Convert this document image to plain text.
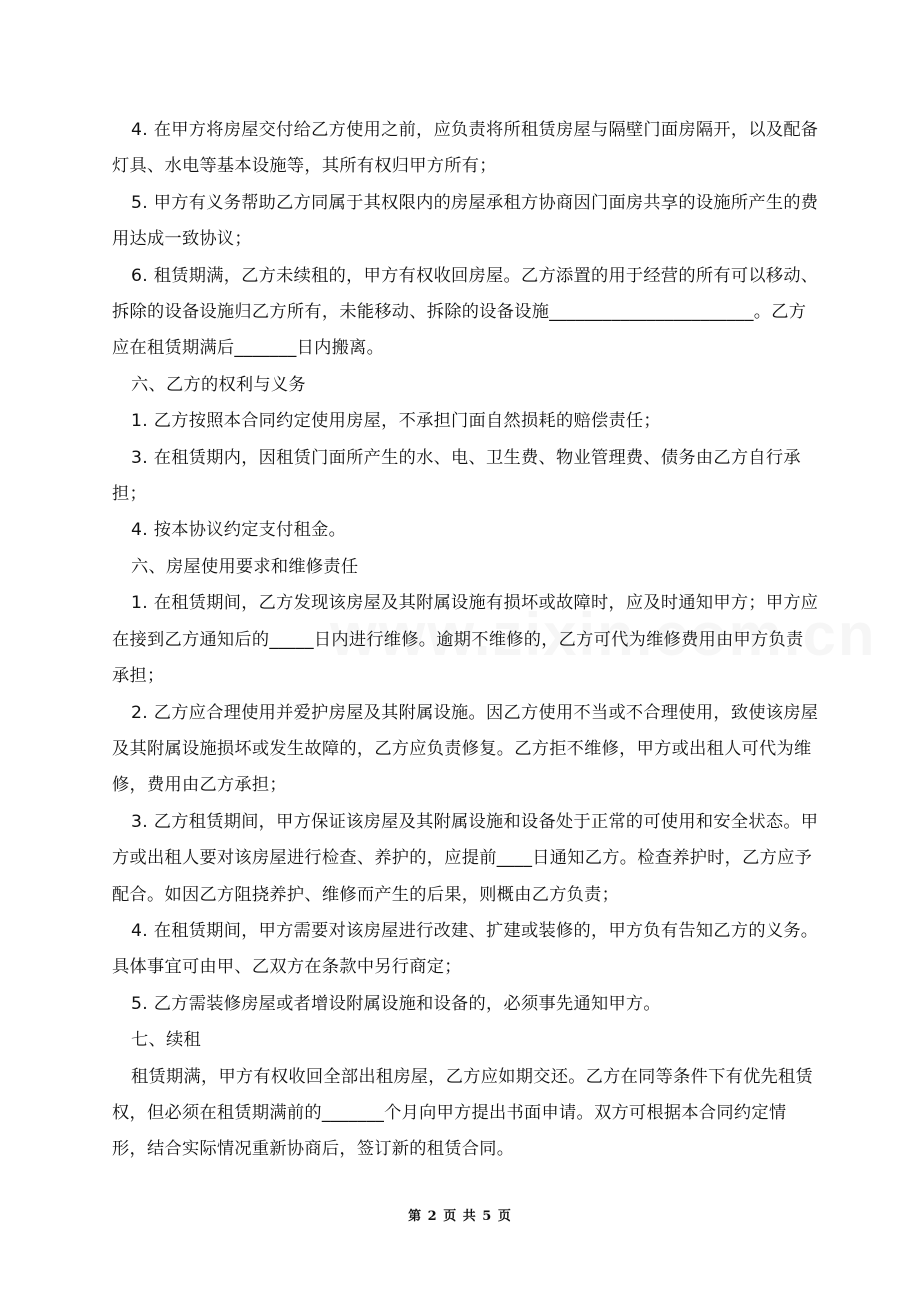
4. 在甲方将房屋交付给乙方使用之前，应负责将所租赁房屋与隔壁门面房隔开，以及配备灯具、水电等基本设施等，其所有权归甲方所有；

5. 甲方有义务帮助乙方同属于其权限内的房屋承租方协商因门面房共享的设施所产生的费用达成一致协议；

6. 租赁期满，乙方未续租的，甲方有权收回房屋。乙方添置的用于经营的所有可以移动、拆除的设备设施归乙方所有，未能移动、拆除的设备设施_______________________。乙方应在租赁期满后_______日内搬离。

六、乙方的权利与义务

1. 乙方按照本合同约定使用房屋，不承担门面自然损耗的赔偿责任；

3. 在租赁期内，因租赁门面所产生的水、电、卫生费、物业管理费、债务由乙方自行承担；

4. 按本协议约定支付租金。

六、房屋使用要求和维修责任

1. 在租赁期间，乙方发现该房屋及其附属设施有损坏或故障时，应及时通知甲方；甲方应在接到乙方通知后的_____日内进行维修。逾期不维修的，乙方可代为维修费用由甲方负责承担；

2. 乙方应合理使用并爱护房屋及其附属设施。因乙方使用不当或不合理使用，致使该房屋及其附属设施损坏或发生故障的，乙方应负责修复。乙方拒不维修，甲方或出租人可代为维修，费用由乙方承担；

3. 乙方租赁期间，甲方保证该房屋及其附属设施和设备处于正常的可使用和安全状态。甲方或出租人要对该房屋进行检查、养护的，应提前____日通知乙方。检查养护时，乙方应予配合。如因乙方阻挠养护、维修而产生的后果，则概由乙方负责；

4. 在租赁期间，甲方需要对该房屋进行改建、扩建或装修的，甲方负有告知乙方的义务。具体事宜可由甲、乙双方在条款中另行商定；

5. 乙方需装修房屋或者增设附属设施和设备的，必须事先通知甲方。

七、续租

租赁期满，甲方有权收回全部出租房屋，乙方应如期交还。乙方在同等条件下有优先租赁权，但必须在租赁期满前的_______个月向甲方提出书面申请。双方可根据本合同约定情形，结合实际情况重新协商后，签订新的租赁合同。

第 2 页 共 5 页
